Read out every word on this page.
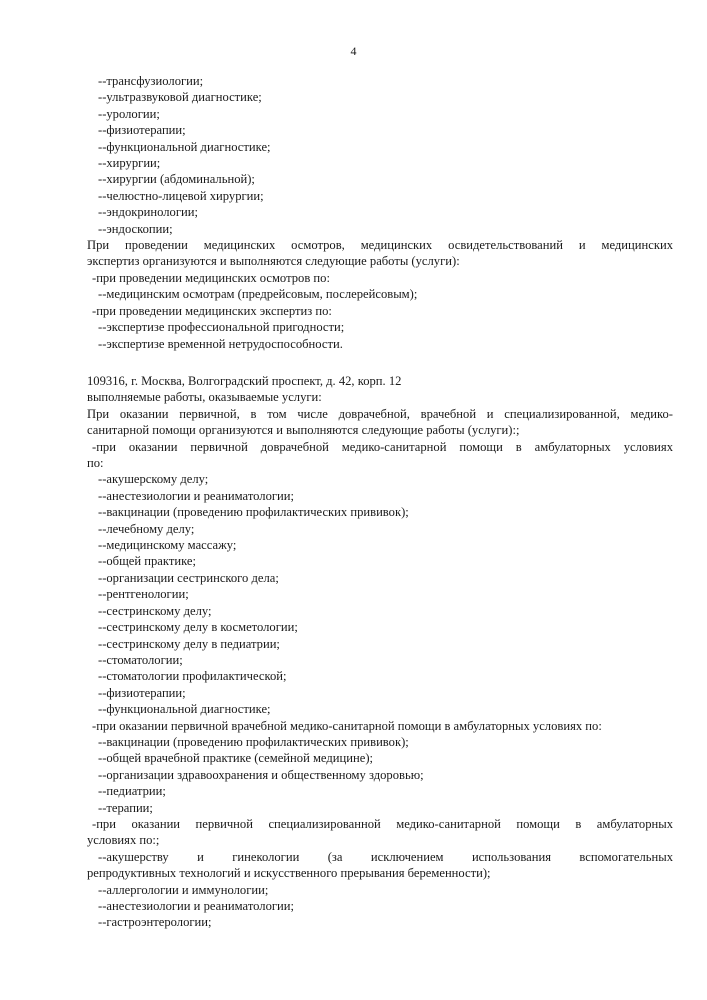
4
--трансфузиологии;
--ультразвуковой диагностике;
--урологии;
--физиотерапии;
--функциональной диагностике;
--хирургии;
--хирургии (абдоминальной);
--челюстно-лицевой хирургии;
--эндокринологии;
--эндоскопии;
При проведении медицинских осмотров, медицинских освидетельствований и медицинских
экспертиз организуются и выполняются следующие работы (услуги):
-при проведении медицинских осмотров по:
--медицинским осмотрам (предрейсовым, послерейсовым);
-при проведении медицинских экспертиз по:
--экспертизе профессиональной пригодности;
--экспертизе временной нетрудоспособности.
109316, г. Москва, Волгоградский проспект, д. 42, корп. 12
выполняемые работы, оказываемые услуги:
При оказании первичной, в том числе доврачебной, врачебной и специализированной, медико-
санитарной помощи организуются и выполняются следующие работы (услуги):;
-при оказании первичной доврачебной медико-санитарной помощи в амбулаторных условиях
по:
--акушерскому делу;
--анестезиологии и реаниматологии;
--вакцинации (проведению профилактических прививок);
--лечебному делу;
--медицинскому массажу;
--общей практике;
--организации сестринского дела;
--рентгенологии;
--сестринскому делу;
--сестринскому делу в косметологии;
--сестринскому делу в педиатрии;
--стоматологии;
--стоматологии профилактической;
--физиотерапии;
--функциональной диагностике;
-при оказании первичной врачебной медико-санитарной помощи в амбулаторных условиях по:
--вакцинации (проведению профилактических прививок);
--общей врачебной практике (семейной медицине);
--организации здравоохранения и общественному здоровью;
--педиатрии;
--терапии;
-при оказании первичной специализированной медико-санитарной помощи в амбулаторных
условиях по:;
--акушерству и гинекологии (за исключением использования вспомогательных
репродуктивных технологий и искусственного прерывания беременности);
--аллергологии и иммунологии;
--анестезиологии и реаниматологии;
--гастроэнтерологии;
